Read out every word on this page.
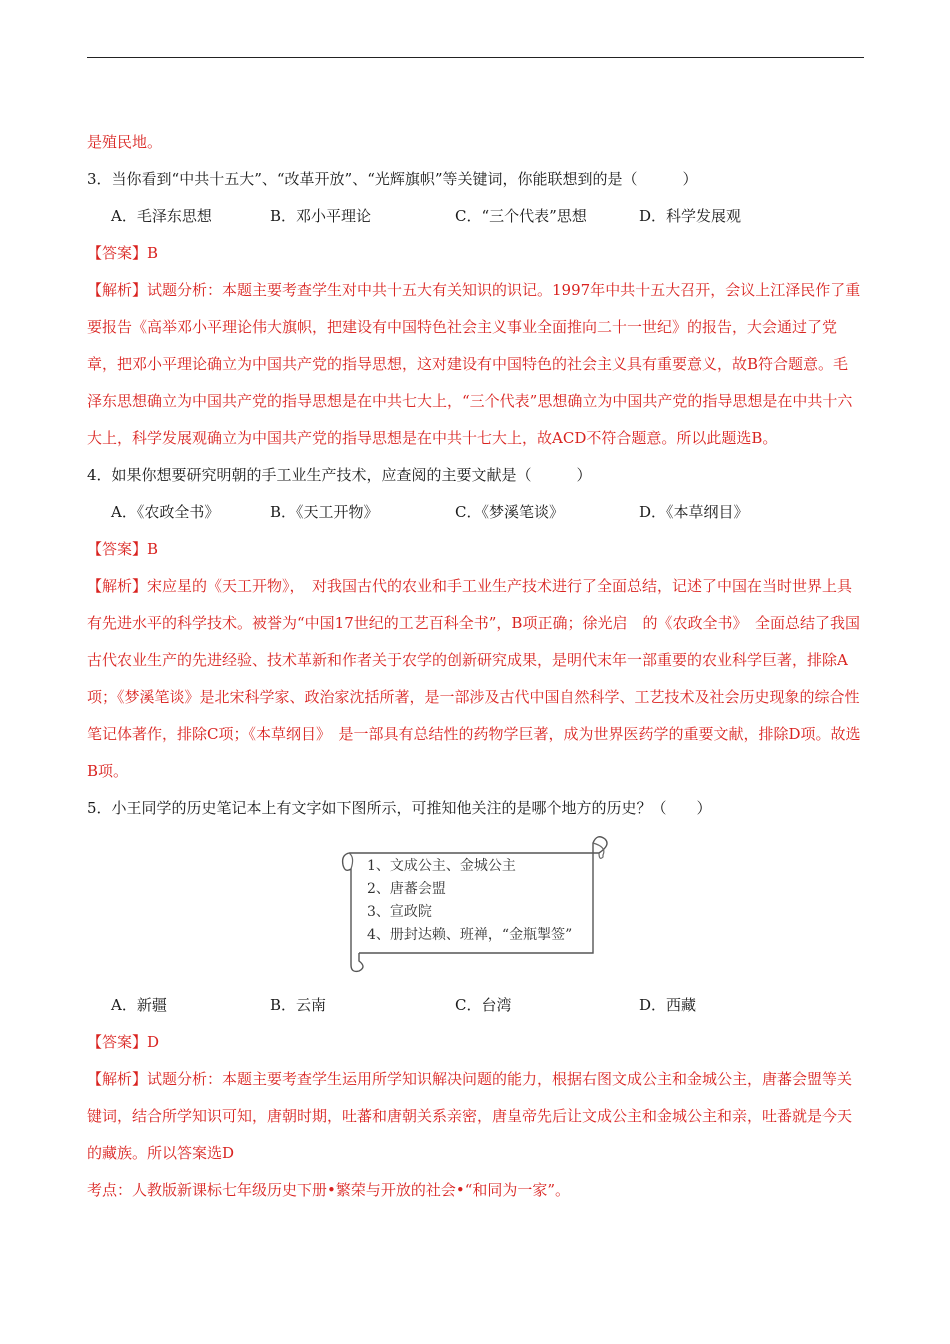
是殖民地。
3．当你看到“中共十五大”、“改革开放”、“光辉旗帜”等关键词，你能联想到的是（　　　）
A．毛泽东思想	B．邓小平理论	C．“三个代表”思想	D．科学发展观
【答案】B
【解析】试题分析：本题主要考查学生对中共十五大有关知识的识记。1997年中共十五大召开，会议上江泽民作了重要报告《高举邓小平理论伟大旗帜，把建设有中国特色社会主义事业全面推向二十一世纪》的报告，大会通过了党章，把邓小平理论确立为中国共产党的指导思想，这对建设有中国特色的社会主义具有重要意义，故B符合题意。毛泽东思想确立为中国共产党的指导思想是在中共七大上，“三个代表”思想确立为中国共产党的指导思想是在中共十六大上，科学发展观确立为中国共产党的指导思想是在中共十七大上，故ACD不符合题意。所以此题选B。
4．如果你想要研究明朝的手工业生产技术，应查阅的主要文献是（　　　）
A．《农政全书》	B．《天工开物》	C．《梦溪笔谈》	D．《本草纲目》
【答案】B
【解析】宋应星的《天工开物》，　对我国古代的农业和手工业生产技术进行了全面总结，记述了中国在当时世界上具有先进水平的科学技术。被誉为“中国17世纪的工艺百科全书”，B项正确；徐光启　的《农政全书》　全面总结了我国古代农业生产的先进经验、技术革新和作者关于农学的创新研究成果，是明代末年一部重要的农业科学巨著，排除A项；《梦溪笔谈》是北宋科学家、政治家沈括所著，是一部涉及古代中国自然科学、工艺技术及社会历史现象的综合性笔记体著作，排除C项；《本草纲目》　是一部具有总结性的药物学巨著，成为世界医药学的重要文献，排除D项。故选B项。
5．小王同学的历史笔记本上有文字如下图所示，可推知他关注的是哪个地方的历史？（　　）
1、文成公主、金城公主
2、唐蕃会盟
3、宣政院
4、册封达赖、班禅，“金瓶掣签”
A．新疆	B．云南	C．台湾	D．西藏
【答案】D
【解析】试题分析：本题主要考查学生运用所学知识解决问题的能力，根据右图文成公主和金城公主，唐蕃会盟等关键词，结合所学知识可知，唐朝时期，吐蕃和唐朝关系亲密，唐皇帝先后让文成公主和金城公主和亲，吐番就是今天的藏族。所以答案选D
考点：人教版新课标七年级历史下册•繁荣与开放的社会•“和同为一家”。
